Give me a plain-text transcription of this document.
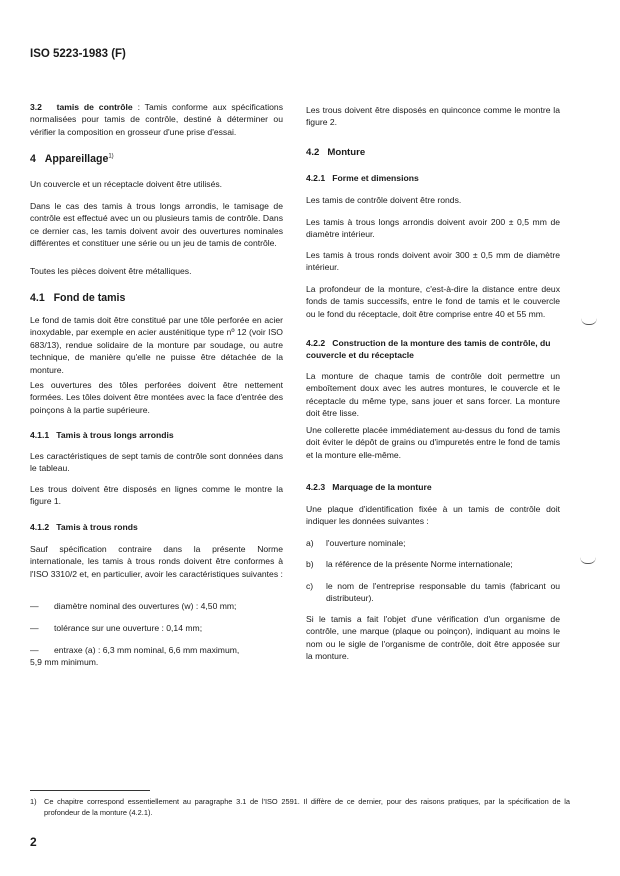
ISO 5223-1983 (F)

3.2 tamis de contrôle : Tamis conforme aux spécifications normalisées pour tamis de contrôle, destiné à déterminer ou vérifier la composition en grosseur d'une prise d'essai.

4 Appareillage$^{1)}$

Un couvercle et un réceptacle doivent être utilisés.

Dans le cas des tamis à trous longs arrondis, le tamisage de contrôle est effectué avec un ou plusieurs tamis de contrôle. Dans ce dernier cas, les tamis doivent avoir des ouvertures nominales différentes et constituer une série ou un jeu de tamis de contrôle.

Toutes les pièces doivent être métalliques.

4.1 Fond de tamis

Le fond de tamis doit être constitué par une tôle perforée en acier inoxydable, par exemple en acier austénitique type nº 12 (voir ISO 683/13), rendue solidaire de la monture par soudage, ou autre technique, de manière qu'elle ne puisse être détachée de la monture.

Les ouvertures des tôles perforées doivent être nettement formées. Les tôles doivent être montées avec la face d'entrée des poinçons à la partie supérieure.

4.1.1 Tamis à trous longs arrondis

Les caractéristiques de sept tamis de contrôle sont données dans le tableau.

Les trous doivent être disposés en lignes comme le montre la figure 1.

4.1.2 Tamis à trous ronds

Sauf spécification contraire dans la présente Norme internationale, les tamis à trous ronds doivent être conformes à l'ISO 3310/2 et, en particulier, avoir les caractéristiques suivantes :

—	diamètre nominal des ouvertures (w) : 4,50 mm;
—	tolérance sur une ouverture : 0,14 mm;
—	entraxe (a) : 6,3 mm nominal, 6,6 mm maximum,
5,9 mm minimum.

Les trous doivent être disposés en quinconce comme le montre la figure 2.

4.2 Monture

4.2.1 Forme et dimensions

Les tamis de contrôle doivent être ronds.

Les tamis à trous longs arrondis doivent avoir 200 ± 0,5 mm de diamètre intérieur.

Les tamis à trous ronds doivent avoir 300 ± 0,5 mm de diamètre intérieur.

La profondeur de la monture, c'est-à-dire la distance entre deux fonds de tamis successifs, entre le fond de tamis et le couvercle ou le fond du réceptacle, doit être comprise entre 40 et 55 mm.

4.2.2 Construction de la monture des tamis de contrôle, du couvercle et du réceptacle

La monture de chaque tamis de contrôle doit permettre un emboîtement doux avec les autres montures, le couvercle et le réceptacle du même type, sans jouer et sans forcer. La monture doit être lisse.

Une collerette placée immédiatement au-dessus du fond de tamis doit éviter le dépôt de grains ou d'impuretés entre le fond de tamis et la monture elle-même.

4.2.3 Marquage de la monture

Une plaque d'identification fixée à un tamis de contrôle doit indiquer les données suivantes :

a)	l'ouverture nominale;
b)	la référence de la présente Norme internationale;
c)	le nom de l'entreprise responsable du tamis (fabricant ou distributeur).

Si le tamis a fait l'objet d'une vérification d'un organisme de contrôle, une marque (plaque ou poinçon), indiquant au moins le nom ou le sigle de l'organisme de contrôle, doit être apposée sur la monture.

1)	Ce chapitre correspond essentiellement au paragraphe 3.1 de l'ISO 2591. Il diffère de ce dernier, pour des raisons pratiques, par la spécification de la profondeur de la monture (4.2.1).
2
